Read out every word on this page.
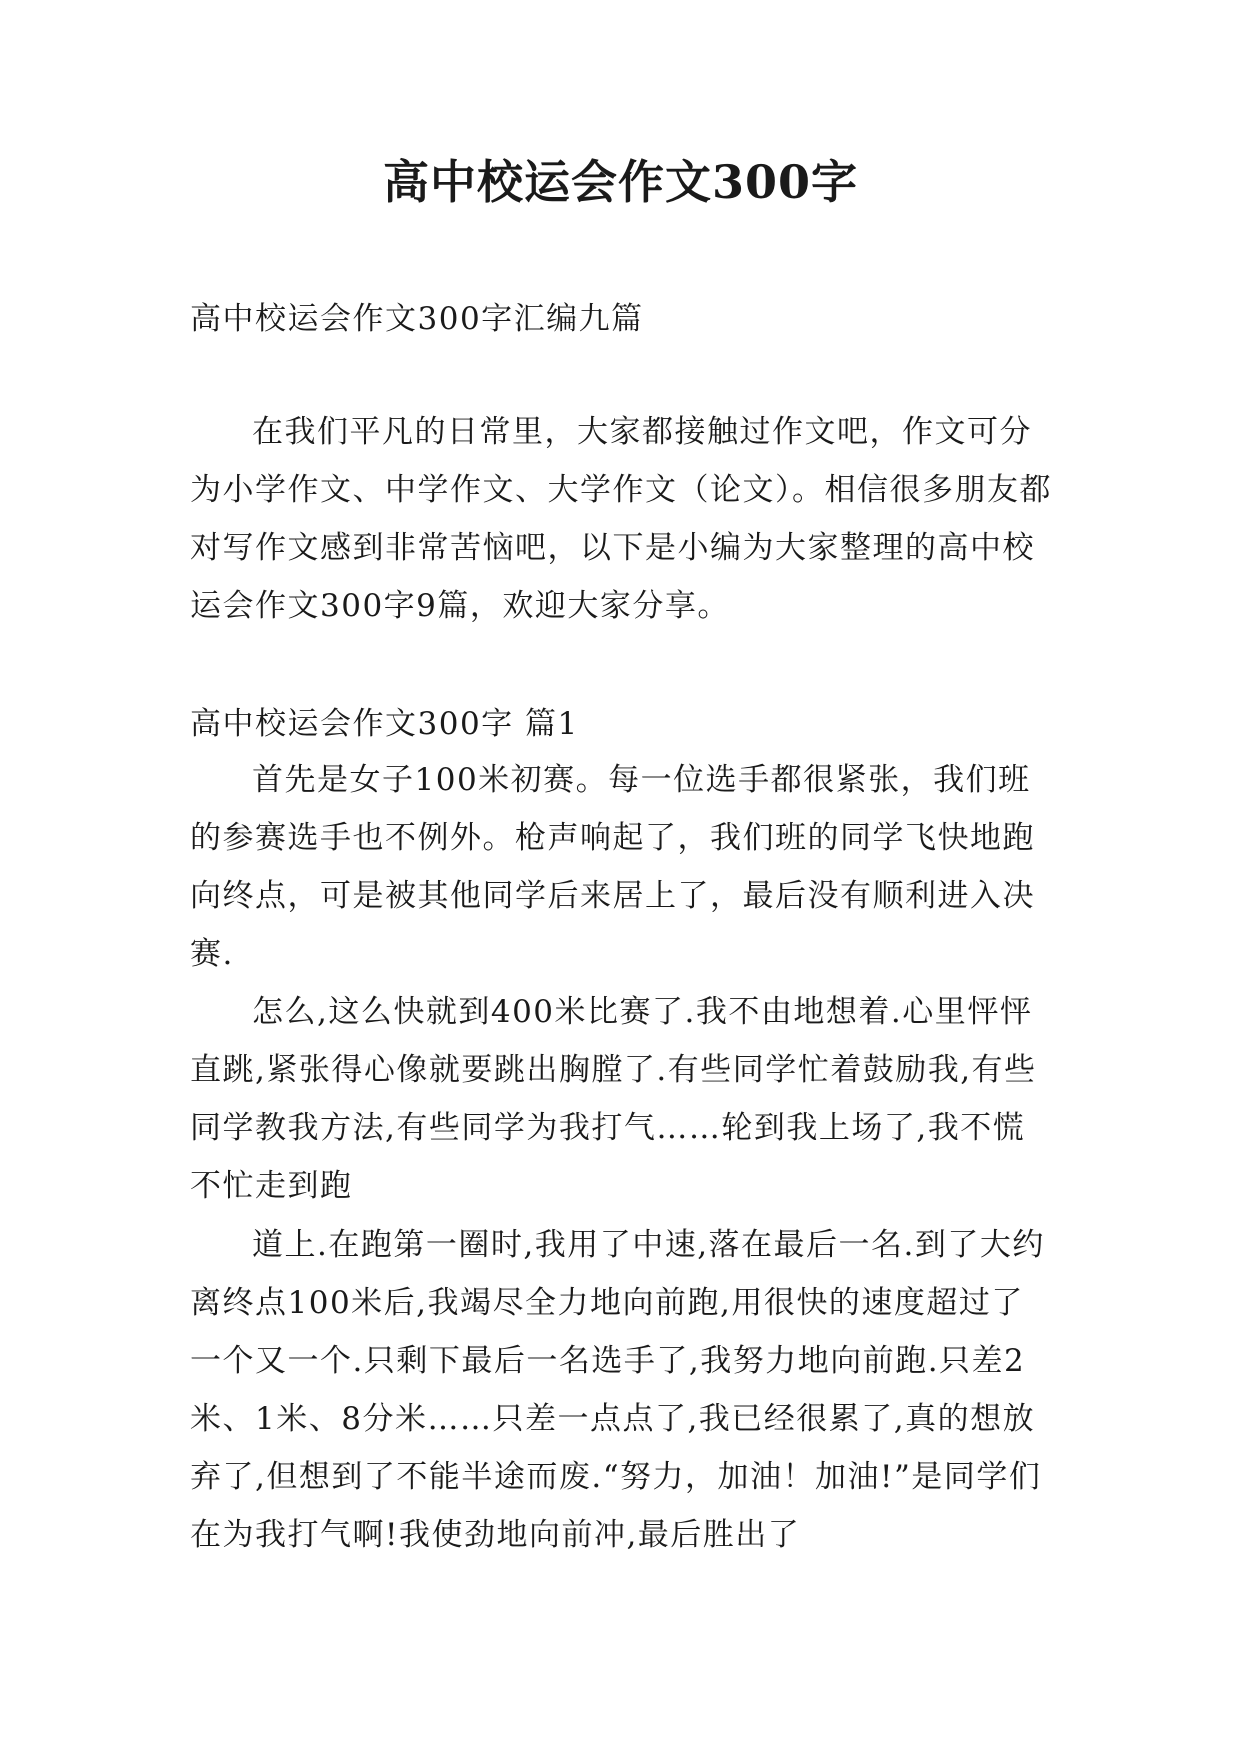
高中校运会作文300字

高中校运会作文300字汇编九篇

在我们平凡的日常里，大家都接触过作文吧，作文可分为小学作文、中学作文、大学作文（论文）。相信很多朋友都对写作文感到非常苦恼吧，以下是小编为大家整理的高中校运会作文300字9篇，欢迎大家分享。

高中校运会作文300字 篇1

首先是女子100米初赛。每一位选手都很紧张，我们班的参赛选手也不例外。枪声响起了，我们班的同学飞快地跑向终点，可是被其他同学后来居上了，最后没有顺利进入决赛.

怎么,这么快就到400米比赛了.我不由地想着.心里怦怦直跳,紧张得心像就要跳出胸膛了.有些同学忙着鼓励我,有些同学教我方法,有些同学为我打气……轮到我上场了,我不慌不忙走到跑

道上.在跑第一圈时,我用了中速,落在最后一名.到了大约离终点100米后,我竭尽全力地向前跑,用很快的速度超过了一个又一个.只剩下最后一名选手了,我努力地向前跑.只差2米、1米、8分米……只差一点点了,我已经很累了,真的想放弃了,但想到了不能半途而废.“努力，加油！加油!”是同学们在为我打气啊!我使劲地向前冲,最后胜出了
